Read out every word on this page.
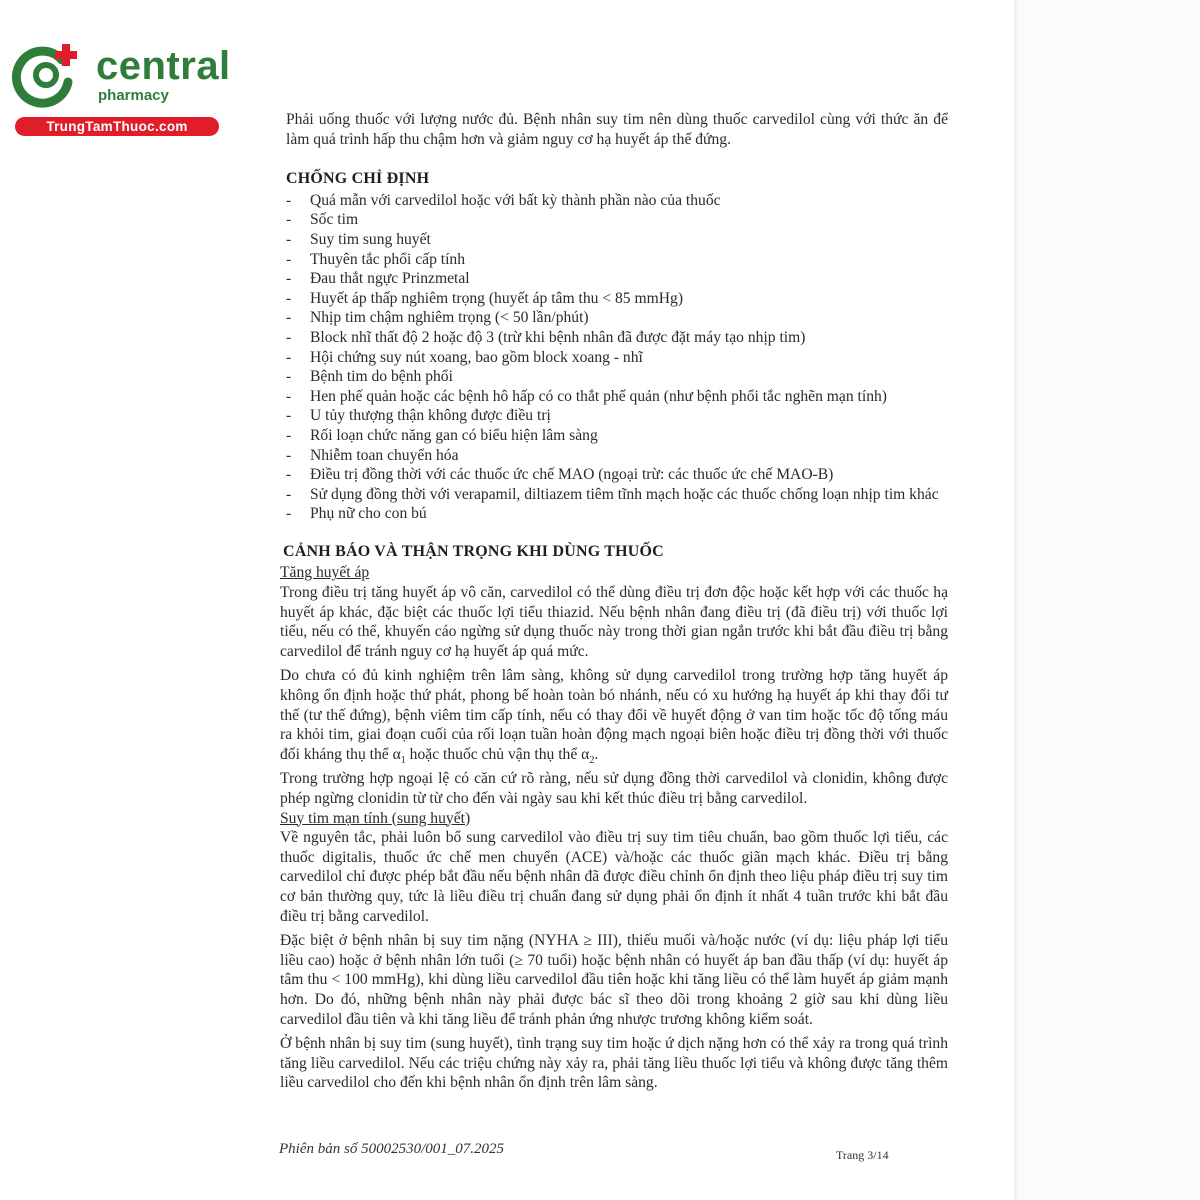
central
pharmacy
TrungTamThuoc.com	Phải uống thuốc với lượng nước đủ. Bệnh nhân suy tim nên dùng thuốc carvedilol cùng với thức ăn để làm quá trình hấp thu chậm hơn và giảm nguy cơ hạ huyết áp thế đứng.

CHỐNG CHỈ ĐỊNH
- Quá mẫn với carvedilol hoặc với bất kỳ thành phần nào của thuốc
- Sốc tim
- Suy tim sung huyết
- Thuyên tắc phổi cấp tính
- Đau thắt ngực Prinzmetal
- Huyết áp thấp nghiêm trọng (huyết áp tâm thu < 85 mmHg)
- Nhịp tim chậm nghiêm trọng (< 50 lần/phút)
- Block nhĩ thất độ 2 hoặc độ 3 (trừ khi bệnh nhân đã được đặt máy tạo nhịp tim)
- Hội chứng suy nút xoang, bao gồm block xoang - nhĩ
- Bệnh tim do bệnh phổi
- Hen phế quản hoặc các bệnh hô hấp có co thắt phế quản (như bệnh phổi tắc nghẽn mạn tính)
- U tủy thượng thận không được điều trị
- Rối loạn chức năng gan có biểu hiện lâm sàng
- Nhiễm toan chuyển hóa
- Điều trị đồng thời với các thuốc ức chế MAO (ngoại trừ: các thuốc ức chế MAO-B)
- Sử dụng đồng thời với verapamil, diltiazem tiêm tĩnh mạch hoặc các thuốc chống loạn nhịp tim khác
- Phụ nữ cho con bú
CẢNH BÁO VÀ THẬN TRỌNG KHI DÙNG THUỐC
Tăng huyết áp

Trong điều trị tăng huyết áp vô căn, carvedilol có thể dùng điều trị đơn độc hoặc kết hợp với các thuốc hạ huyết áp khác, đặc biệt các thuốc lợi tiểu thiazid. Nếu bệnh nhân đang điều trị (đã điều trị) với thuốc lợi tiểu, nếu có thể, khuyến cáo ngừng sử dụng thuốc này trong thời gian ngắn trước khi bắt đầu điều trị bằng carvedilol để tránh nguy cơ hạ huyết áp quá mức.

Do chưa có đủ kinh nghiệm trên lâm sàng, không sử dụng carvedilol trong trường hợp tăng huyết áp không ổn định hoặc thứ phát, phong bế hoàn toàn bó nhánh, nếu có xu hướng hạ huyết áp khi thay đổi tư thế (tư thế đứng), bệnh viêm tim cấp tính, nếu có thay đổi về huyết động ở van tim hoặc tốc độ tống máu ra khỏi tim, giai đoạn cuối của rối loạn tuần hoàn động mạch ngoại biên hoặc điều trị đồng thời với thuốc đối kháng thụ thể $\alpha_1$ hoặc thuốc chủ vận thụ thể $\alpha_2$.

Trong trường hợp ngoại lệ có căn cứ rõ ràng, nếu sử dụng đồng thời carvedilol và clonidin, không được phép ngừng clonidin từ từ cho đến vài ngày sau khi kết thúc điều trị bằng carvedilol.

Suy tim mạn tính (sung huyết)

Về nguyên tắc, phải luôn bổ sung carvedilol vào điều trị suy tim tiêu chuẩn, bao gồm thuốc lợi tiểu, các thuốc digitalis, thuốc ức chế men chuyển (ACE) và/hoặc các thuốc giãn mạch khác. Điều trị bằng carvedilol chỉ được phép bắt đầu nếu bệnh nhân đã được điều chỉnh ổn định theo liệu pháp điều trị suy tim cơ bản thường quy, tức là liều điều trị chuẩn đang sử dụng phải ổn định ít nhất 4 tuần trước khi bắt đầu điều trị bằng carvedilol.

Đặc biệt ở bệnh nhân bị suy tim nặng (NYHA ≥ III), thiếu muối và/hoặc nước (ví dụ: liệu pháp lợi tiểu liều cao) hoặc ở bệnh nhân lớn tuổi (≥ 70 tuổi) hoặc bệnh nhân có huyết áp ban đầu thấp (ví dụ: huyết áp tâm thu < 100 mmHg), khi dùng liều carvedilol đầu tiên hoặc khi tăng liều có thể làm huyết áp giảm mạnh hơn. Do đó, những bệnh nhân này phải được bác sĩ theo dõi trong khoảng 2 giờ sau khi dùng liều carvedilol đầu tiên và khi tăng liều để tránh phản ứng nhược trương không kiểm soát.

Ở bệnh nhân bị suy tim (sung huyết), tình trạng suy tim hoặc ứ dịch nặng hơn có thể xảy ra trong quá trình tăng liều carvedilol. Nếu các triệu chứng này xảy ra, phải tăng liều thuốc lợi tiểu và không được tăng thêm liều carvedilol cho đến khi bệnh nhân ổn định trên lâm sàng.

Phiên bản số 50002530/001_07.2025	Trang 3/14
